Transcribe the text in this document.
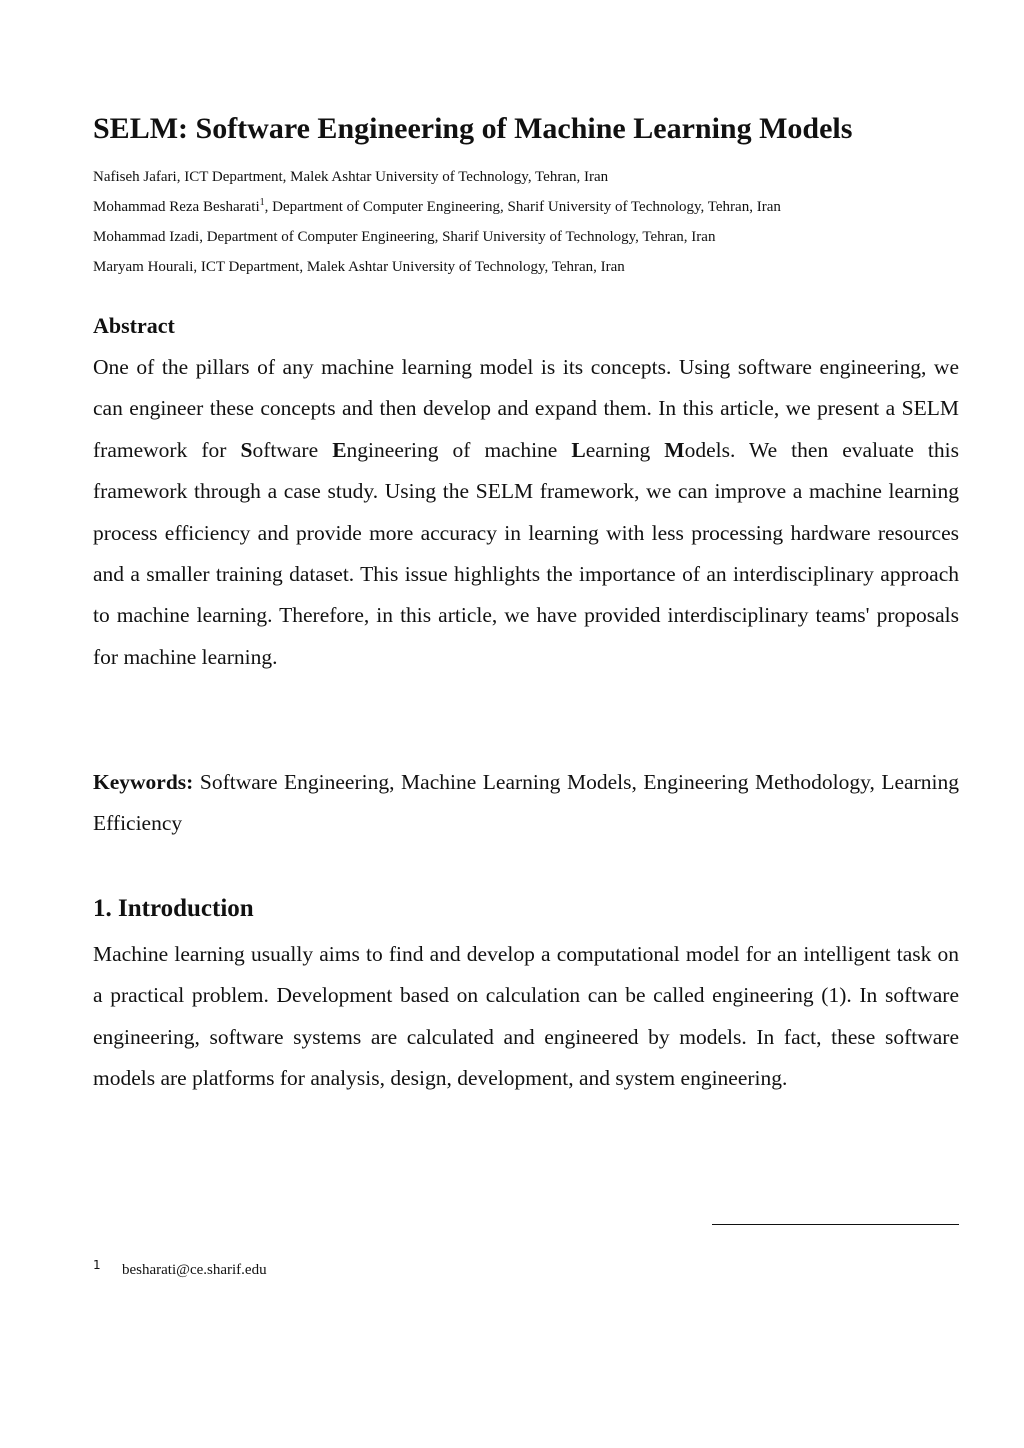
SELM: Software Engineering of Machine Learning Models
Nafiseh Jafari, ICT Department, Malek Ashtar University of Technology, Tehran, Iran
Mohammad Reza Besharati$^1$, Department of Computer Engineering, Sharif University of Technology, Tehran, Iran
Mohammad Izadi, Department of Computer Engineering, Sharif University of Technology, Tehran, Iran
Maryam Hourali, ICT Department, Malek Ashtar University of Technology, Tehran, Iran
Abstract

One of the pillars of any machine learning model is its concepts. Using software engineering, we can engineer these concepts and then develop and expand them. In this article, we present a SELM framework for Software Engineering of machine Learning Models. We then evaluate this framework through a case study. Using the SELM framework, we can improve a machine learning process efficiency and provide more accuracy in learning with less processing hardware resources and a smaller training dataset. This issue highlights the importance of an interdisciplinary approach to machine learning. Therefore, in this article, we have provided interdisciplinary teams' proposals for machine learning.

Keywords: Software Engineering, Machine Learning Models, Engineering Methodology, Learning Efficiency

1. Introduction

Machine learning usually aims to find and develop a computational model for an intelligent task on a practical problem. Development based on calculation can be called engineering (1). In software engineering, software systems are calculated and engineered by models. In fact, these software models are platforms for analysis, design, development, and system engineering.

1 besharati@ce.sharif.edu
